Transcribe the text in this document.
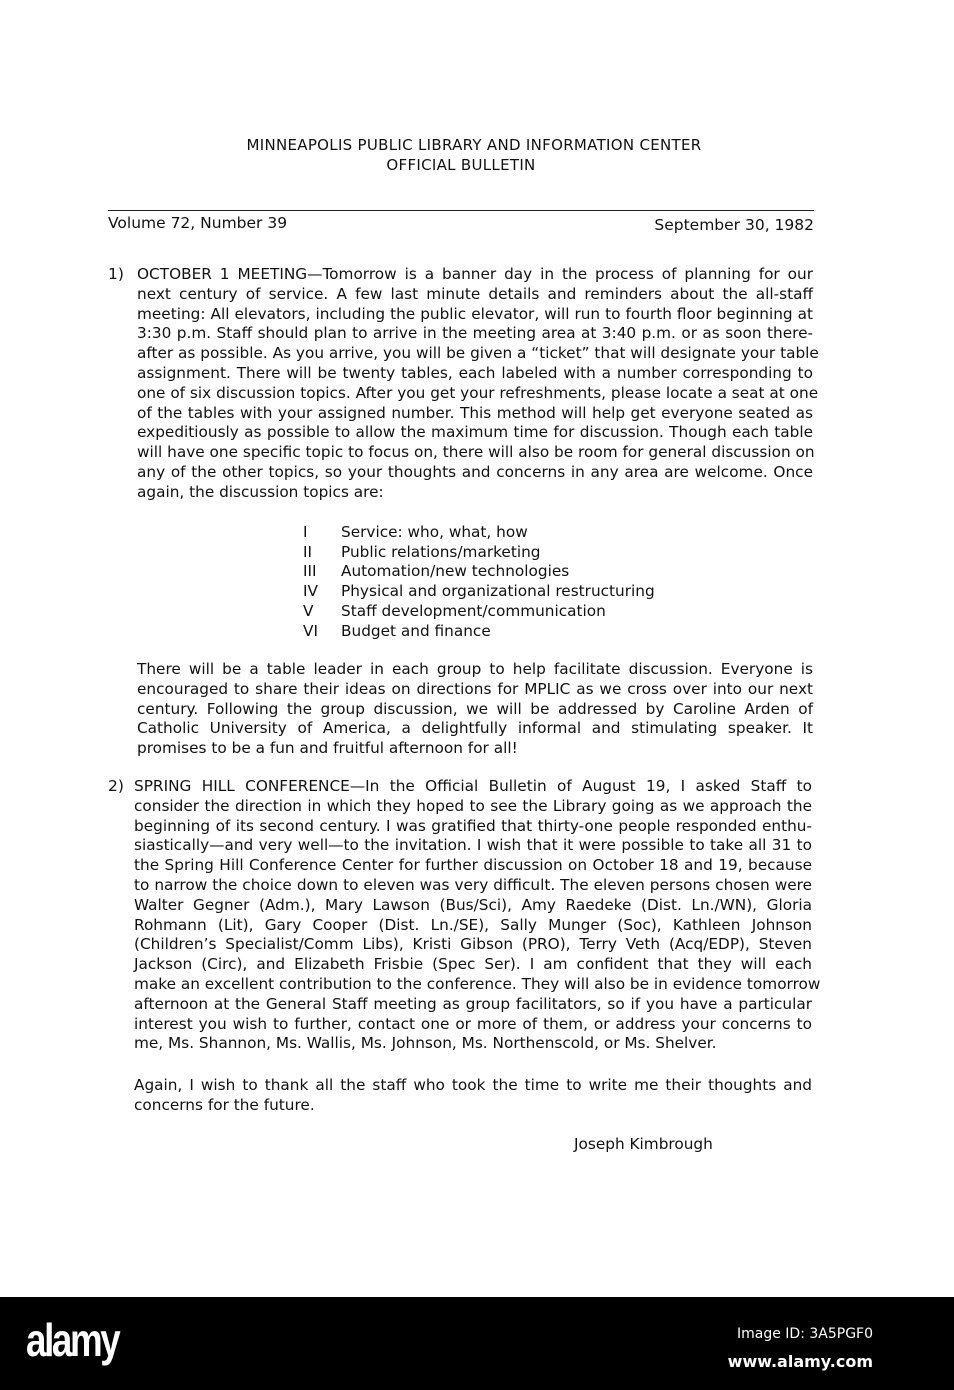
MINNEAPOLIS PUBLIC LIBRARY AND INFORMATION CENTER
OFFICIAL BULLETIN
Volume 72, Number 39	September 30, 1982
1) OCTOBER 1 MEETING—Tomorrow is a banner day in the process of planning for our
next century of service. A few last minute details and reminders about the all-staff
meeting: All elevators, including the public elevator, will run to fourth floor beginning at
3:30 p.m. Staff should plan to arrive in the meeting area at 3:40 p.m. or as soon there-
after as possible. As you arrive, you will be given a “ticket” that will designate your table
assignment. There will be twenty tables, each labeled with a number corresponding to
one of six discussion topics. After you get your refreshments, please locate a seat at one
of the tables with your assigned number. This method will help get everyone seated as
expeditiously as possible to allow the maximum time for discussion. Though each table
will have one specific topic to focus on, there will also be room for general discussion on
any of the other topics, so your thoughts and concerns in any area are welcome. Once
again, the discussion topics are:
I	Service: who, what, how
II	Public relations/marketing
III	Automation/new technologies
IV	Physical and organizational restructuring
V	Staff development/communication
VI	Budget and finance
There will be a table leader in each group to help facilitate discussion. Everyone is
encouraged to share their ideas on directions for MPLIC as we cross over into our next
century. Following the group discussion, we will be addressed by Caroline Arden of
Catholic University of America, a delightfully informal and stimulating speaker. It
promises to be a fun and fruitful afternoon for all!
2) SPRING HILL CONFERENCE—In the Official Bulletin of August 19, I asked Staff to
consider the direction in which they hoped to see the Library going as we approach the
beginning of its second century. I was gratified that thirty-one people responded enthu-
siastically—and very well—to the invitation. I wish that it were possible to take all 31 to
the Spring Hill Conference Center for further discussion on October 18 and 19, because
to narrow the choice down to eleven was very difficult. The eleven persons chosen were
Walter Gegner (Adm.), Mary Lawson (Bus/Sci), Amy Raedeke (Dist. Ln./WN), Gloria
Rohmann (Lit), Gary Cooper (Dist. Ln./SE), Sally Munger (Soc), Kathleen Johnson
(Children’s Specialist/Comm Libs), Kristi Gibson (PRO), Terry Veth (Acq/EDP), Steven
Jackson (Circ), and Elizabeth Frisbie (Spec Ser). I am confident that they will each
make an excellent contribution to the conference. They will also be in evidence tomorrow
afternoon at the General Staff meeting as group facilitators, so if you have a particular
interest you wish to further, contact one or more of them, or address your concerns to
me, Ms. Shannon, Ms. Wallis, Ms. Johnson, Ms. Northenscold, or Ms. Shelver.
Again, I wish to thank all the staff who took the time to write me their thoughts and
concerns for the future.
Joseph Kimbrough
alamy	Image ID: 3A5PGF0
www.alamy.com
